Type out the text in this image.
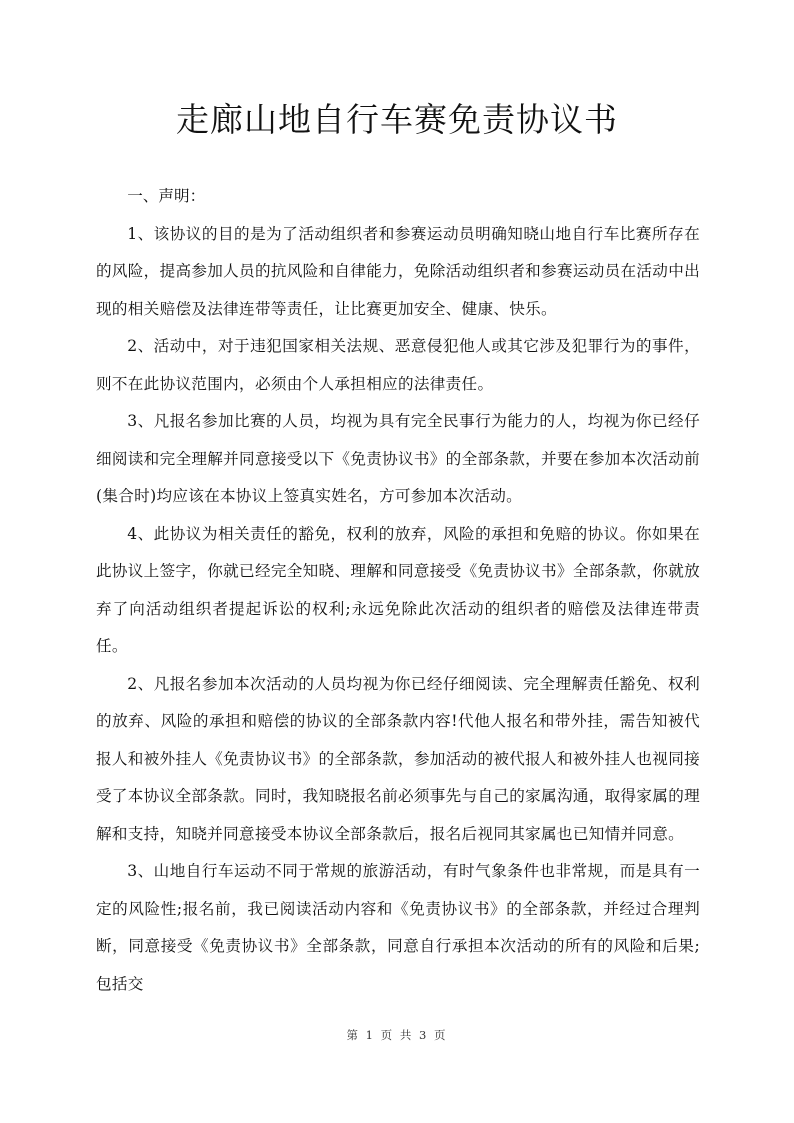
走廊山地自行车赛免责协议书

一、声明：

1、该协议的目的是为了活动组织者和参赛运动员明确知晓山地自行车比赛所存在的风险，提高参加人员的抗风险和自律能力，免除活动组织者和参赛运动员在活动中出现的相关赔偿及法律连带等责任，让比赛更加安全、健康、快乐。

2、活动中，对于违犯国家相关法规、恶意侵犯他人或其它涉及犯罪行为的事件，则不在此协议范围内，必须由个人承担相应的法律责任。

3、凡报名参加比赛的人员，均视为具有完全民事行为能力的人，均视为你已经仔细阅读和完全理解并同意接受以下《免责协议书》的全部条款，并要在参加本次活动前(集合时)均应该在本协议上签真实姓名，方可参加本次活动。

4、此协议为相关责任的豁免，权利的放弃，风险的承担和免赔的协议。你如果在此协议上签字，你就已经完全知晓、理解和同意接受《免责协议书》全部条款，你就放弃了向活动组织者提起诉讼的权利;永远免除此次活动的组织者的赔偿及法律连带责任。

2、凡报名参加本次活动的人员均视为你已经仔细阅读、完全理解责任豁免、权利的放弃、风险的承担和赔偿的协议的全部条款内容!代他人报名和带外挂，需告知被代报人和被外挂人《免责协议书》的全部条款，参加活动的被代报人和被外挂人也视同接受了本协议全部条款。同时，我知晓报名前必须事先与自己的家属沟通，取得家属的理解和支持，知晓并同意接受本协议全部条款后，报名后视同其家属也已知情并同意。

3、山地自行车运动不同于常规的旅游活动，有时气象条件也非常规，而是具有一定的风险性;报名前，我已阅读活动内容和《免责协议书》的全部条款，并经过合理判断，同意接受《免责协议书》全部条款，同意自行承担本次活动的所有的风险和后果;包括交

第 1 页 共 3 页
